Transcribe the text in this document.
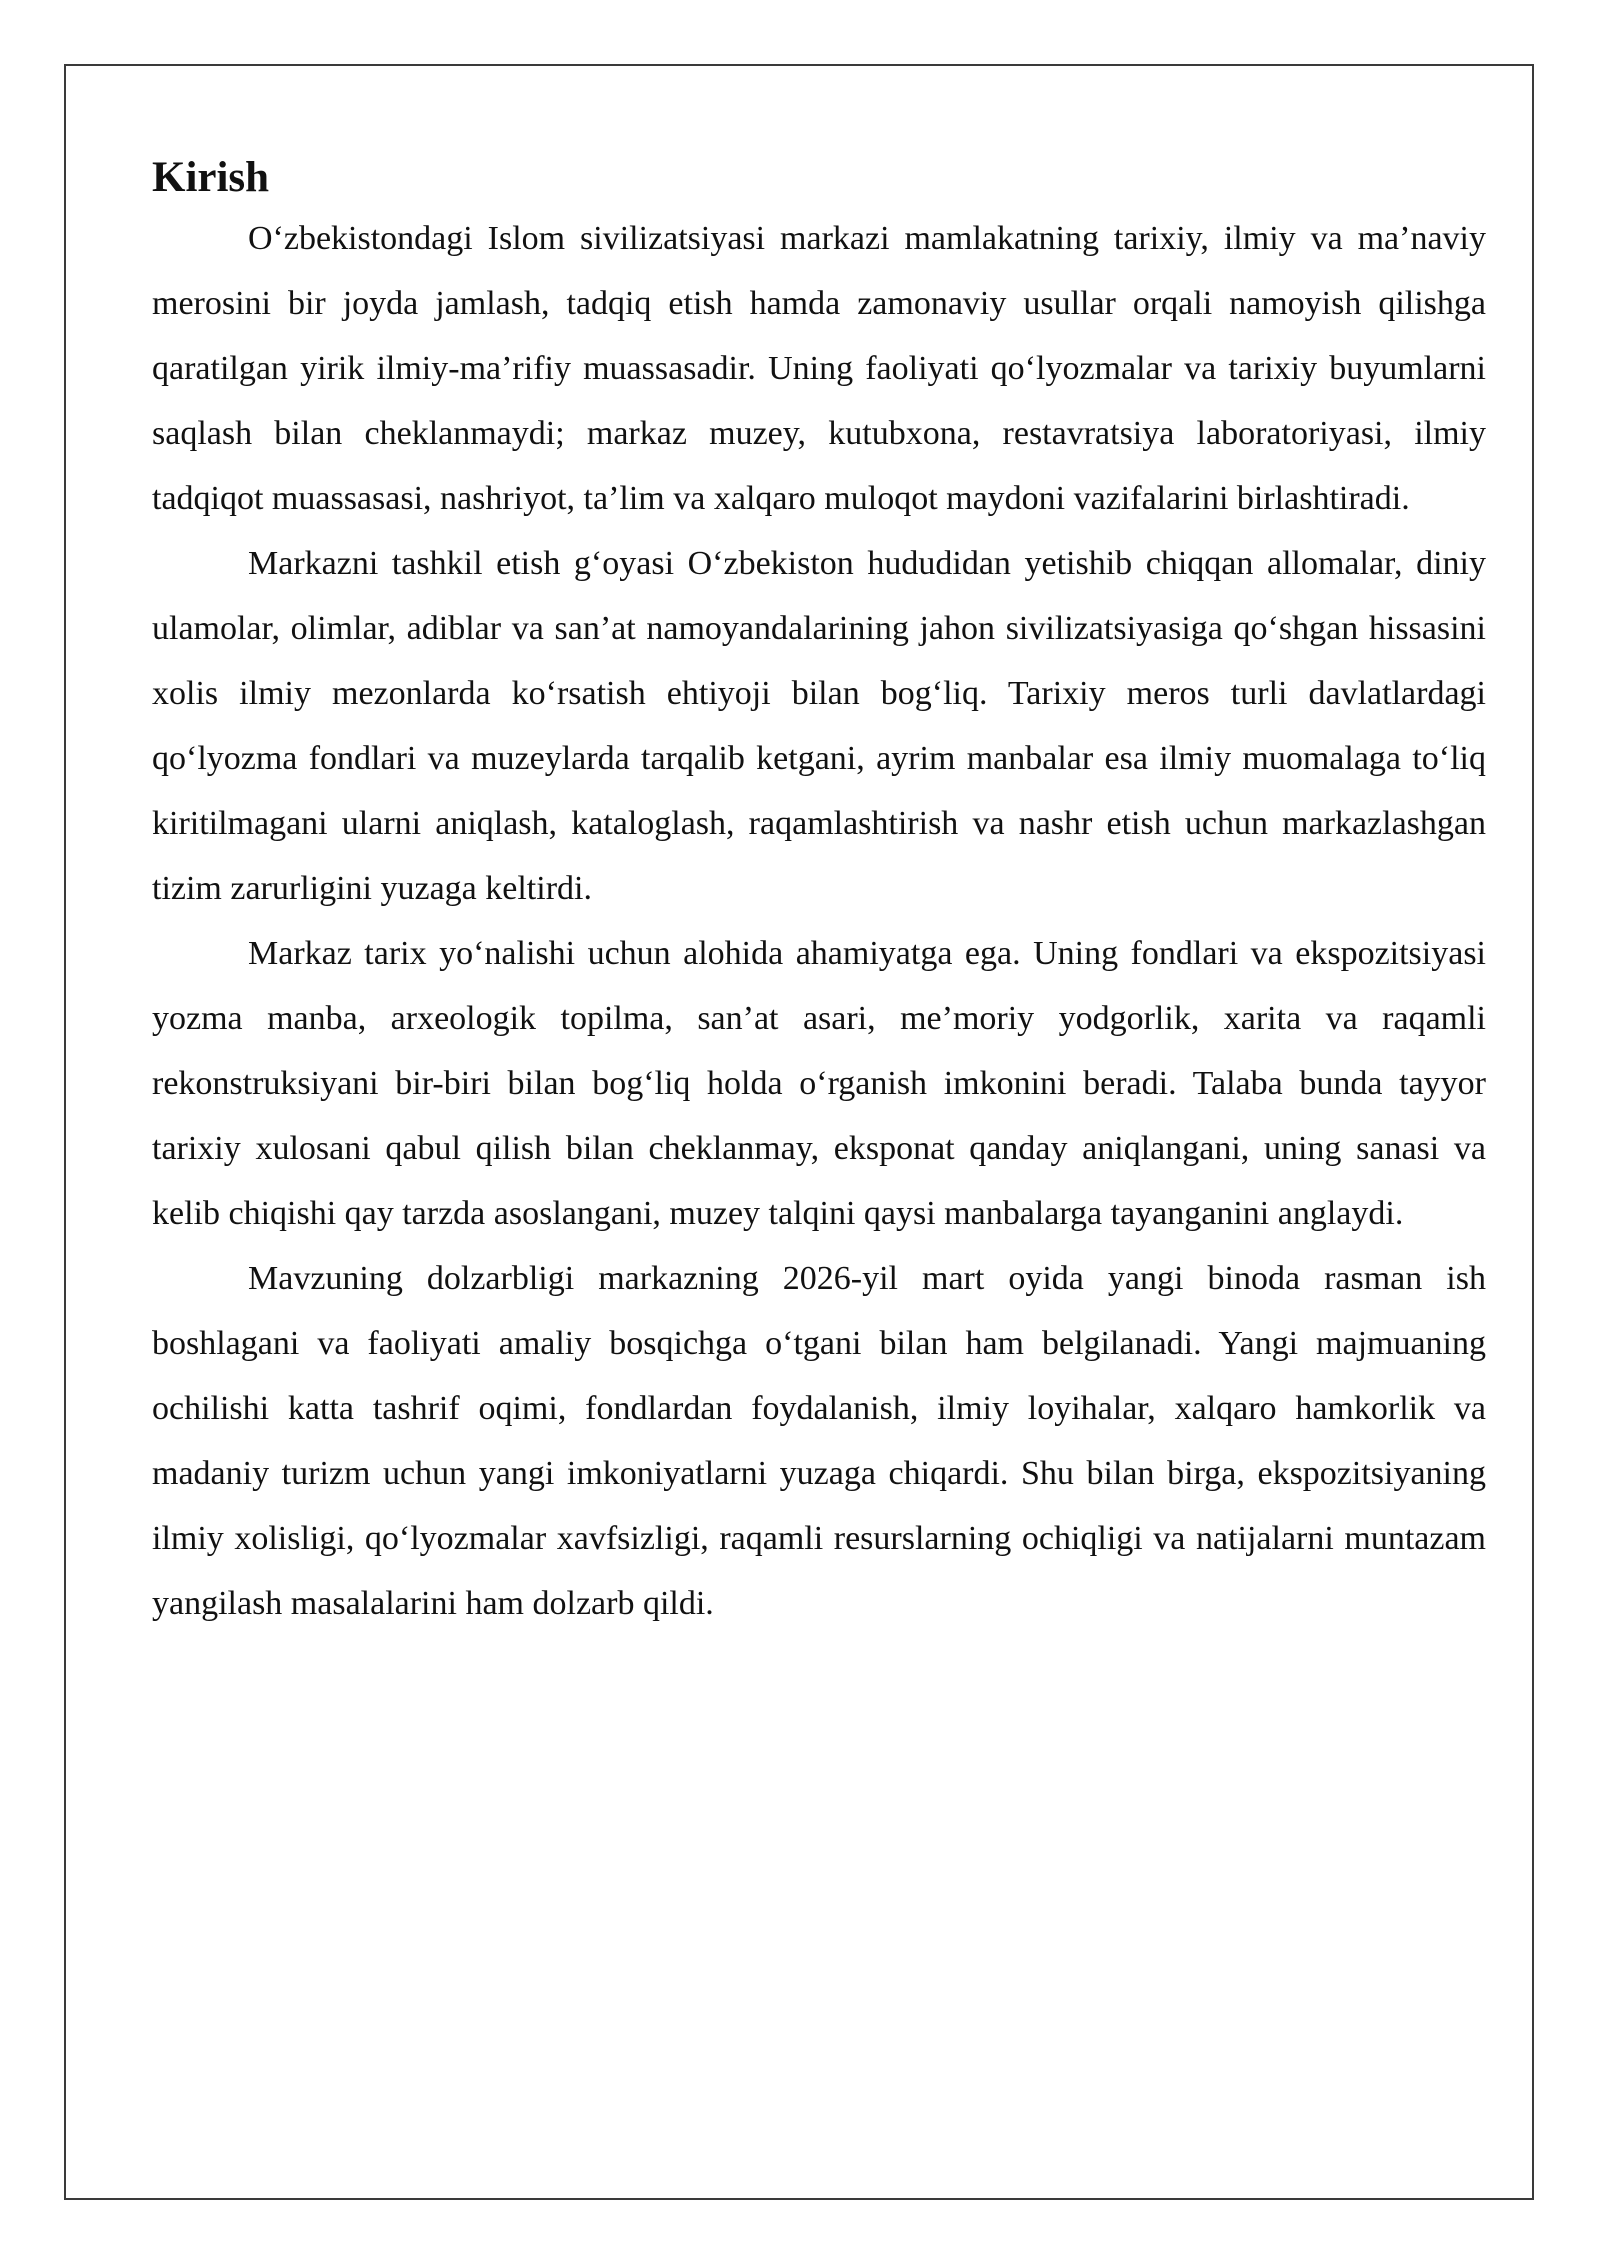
Kirish

O‘zbekistondagi Islom sivilizatsiyasi markazi mamlakatning tarixiy, ilmiy va ma’naviy merosini bir joyda jamlash, tadqiq etish hamda zamonaviy usullar orqali namoyish qilishga qaratilgan yirik ilmiy-ma’rifiy muassasadir. Uning faoliyati qo‘lyozmalar va tarixiy buyumlarni saqlash bilan cheklanmaydi; markaz muzey, kutubxona, restavratsiya laboratoriyasi, ilmiy tadqiqot muassasasi, nashriyot, ta’lim va xalqaro muloqot maydoni vazifalarini birlashtiradi.

Markazni tashkil etish g‘oyasi O‘zbekiston hududidan yetishib chiqqan allomalar, diniy ulamolar, olimlar, adiblar va san’at namoyandalarining jahon sivilizatsiyasiga qo‘shgan hissasini xolis ilmiy mezonlarda ko‘rsatish ehtiyoji bilan bog‘liq. Tarixiy meros turli davlatlardagi qo‘lyozma fondlari va muzeylarda tarqalib ketgani, ayrim manbalar esa ilmiy muomalaga to‘liq kiritilmagani ularni aniqlash, kataloglash, raqamlashtirish va nashr etish uchun markazlashgan tizim zarurligini yuzaga keltirdi.

Markaz tarix yo‘nalishi uchun alohida ahamiyatga ega. Uning fondlari va ekspozitsiyasi yozma manba, arxeologik topilma, san’at asari, me’moriy yodgorlik, xarita va raqamli rekonstruksiyani bir-biri bilan bog‘liq holda o‘rganish imkonini beradi. Talaba bunda tayyor tarixiy xulosani qabul qilish bilan cheklanmay, eksponat qanday aniqlangani, uning sanasi va kelib chiqishi qay tarzda asoslangani, muzey talqini qaysi manbalarga tayanganini anglaydi.

Mavzuning dolzarbligi markazning 2026-yil mart oyida yangi binoda rasman ish boshlagani va faoliyati amaliy bosqichga o‘tgani bilan ham belgilanadi. Yangi majmuaning ochilishi katta tashrif oqimi, fondlardan foydalanish, ilmiy loyihalar, xalqaro hamkorlik va madaniy turizm uchun yangi imkoniyatlarni yuzaga chiqardi. Shu bilan birga, ekspozitsiyaning ilmiy xolisligi, qo‘lyozmalar xavfsizligi, raqamli resurslarning ochiqligi va natijalarni muntazam yangilash masalalarini ham dolzarb qildi.
